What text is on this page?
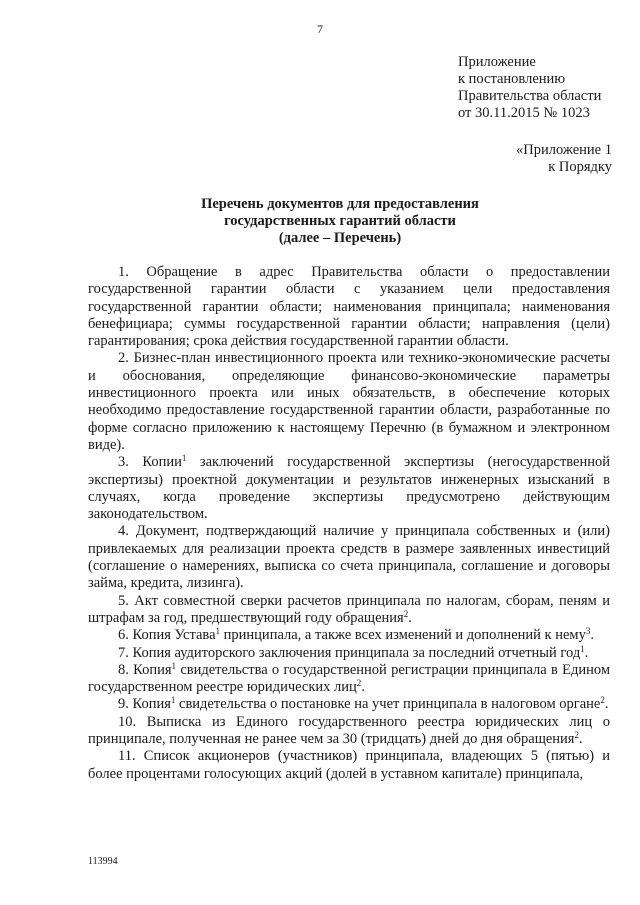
7
Приложение
к постановлению
Правительства области
от 30.11.2015 № 1023
«Приложение 1
к Порядку
Перечень документов для предоставления
государственных гарантий области
(далее – Перечень)

1. Обращение в адрес Правительства области о предоставлении государственной гарантии области с указанием цели предоставления государственной гарантии области; наименования принципала; наименования бенефициара; суммы государственной гарантии области; направления (цели) гарантирования; срока действия государственной гарантии области.

2. Бизнес-план инвестиционного проекта или технико-экономические расчеты и обоснования, определяющие финансово-экономические параметры инвестиционного проекта или иных обязательств, в обеспечение которых необходимо предоставление государственной гарантии области, разработанные по форме согласно приложению к настоящему Перечню (в бумажном и электронном виде).

3. Копии$^1$ заключений государственной экспертизы (негосударственной экспертизы) проектной документации и результатов инженерных изысканий в случаях, когда проведение экспертизы предусмотрено действующим законодательством.

4. Документ, подтверждающий наличие у принципала собственных и (или) привлекаемых для реализации проекта средств в размере заявленных инвестиций (соглашение о намерениях, выписка со счета принципала, соглашение и договоры займа, кредита, лизинга).

5. Акт совместной сверки расчетов принципала по налогам, сборам, пеням и штрафам за год, предшествующий году обращения$^2$.

6. Копия Устава$^1$ принципала, а также всех изменений и дополнений к нему$^3$.

7. Копия аудиторского заключения принципала за последний отчетный год$^1$.

8. Копия$^1$ свидетельства о государственной регистрации принципала в Едином государственном реестре юридических лиц$^2$.

9. Копия$^1$ свидетельства о постановке на учет принципала в налоговом органе$^2$.

10. Выписка из Единого государственного реестра юридических лиц о принципале, полученная не ранее чем за 30 (тридцать) дней до дня обращения$^2$.

11. Список акционеров (участников) принципала, владеющих 5 (пятью) и более процентами голосующих акций (долей в уставном капитале) принципала,

113994
